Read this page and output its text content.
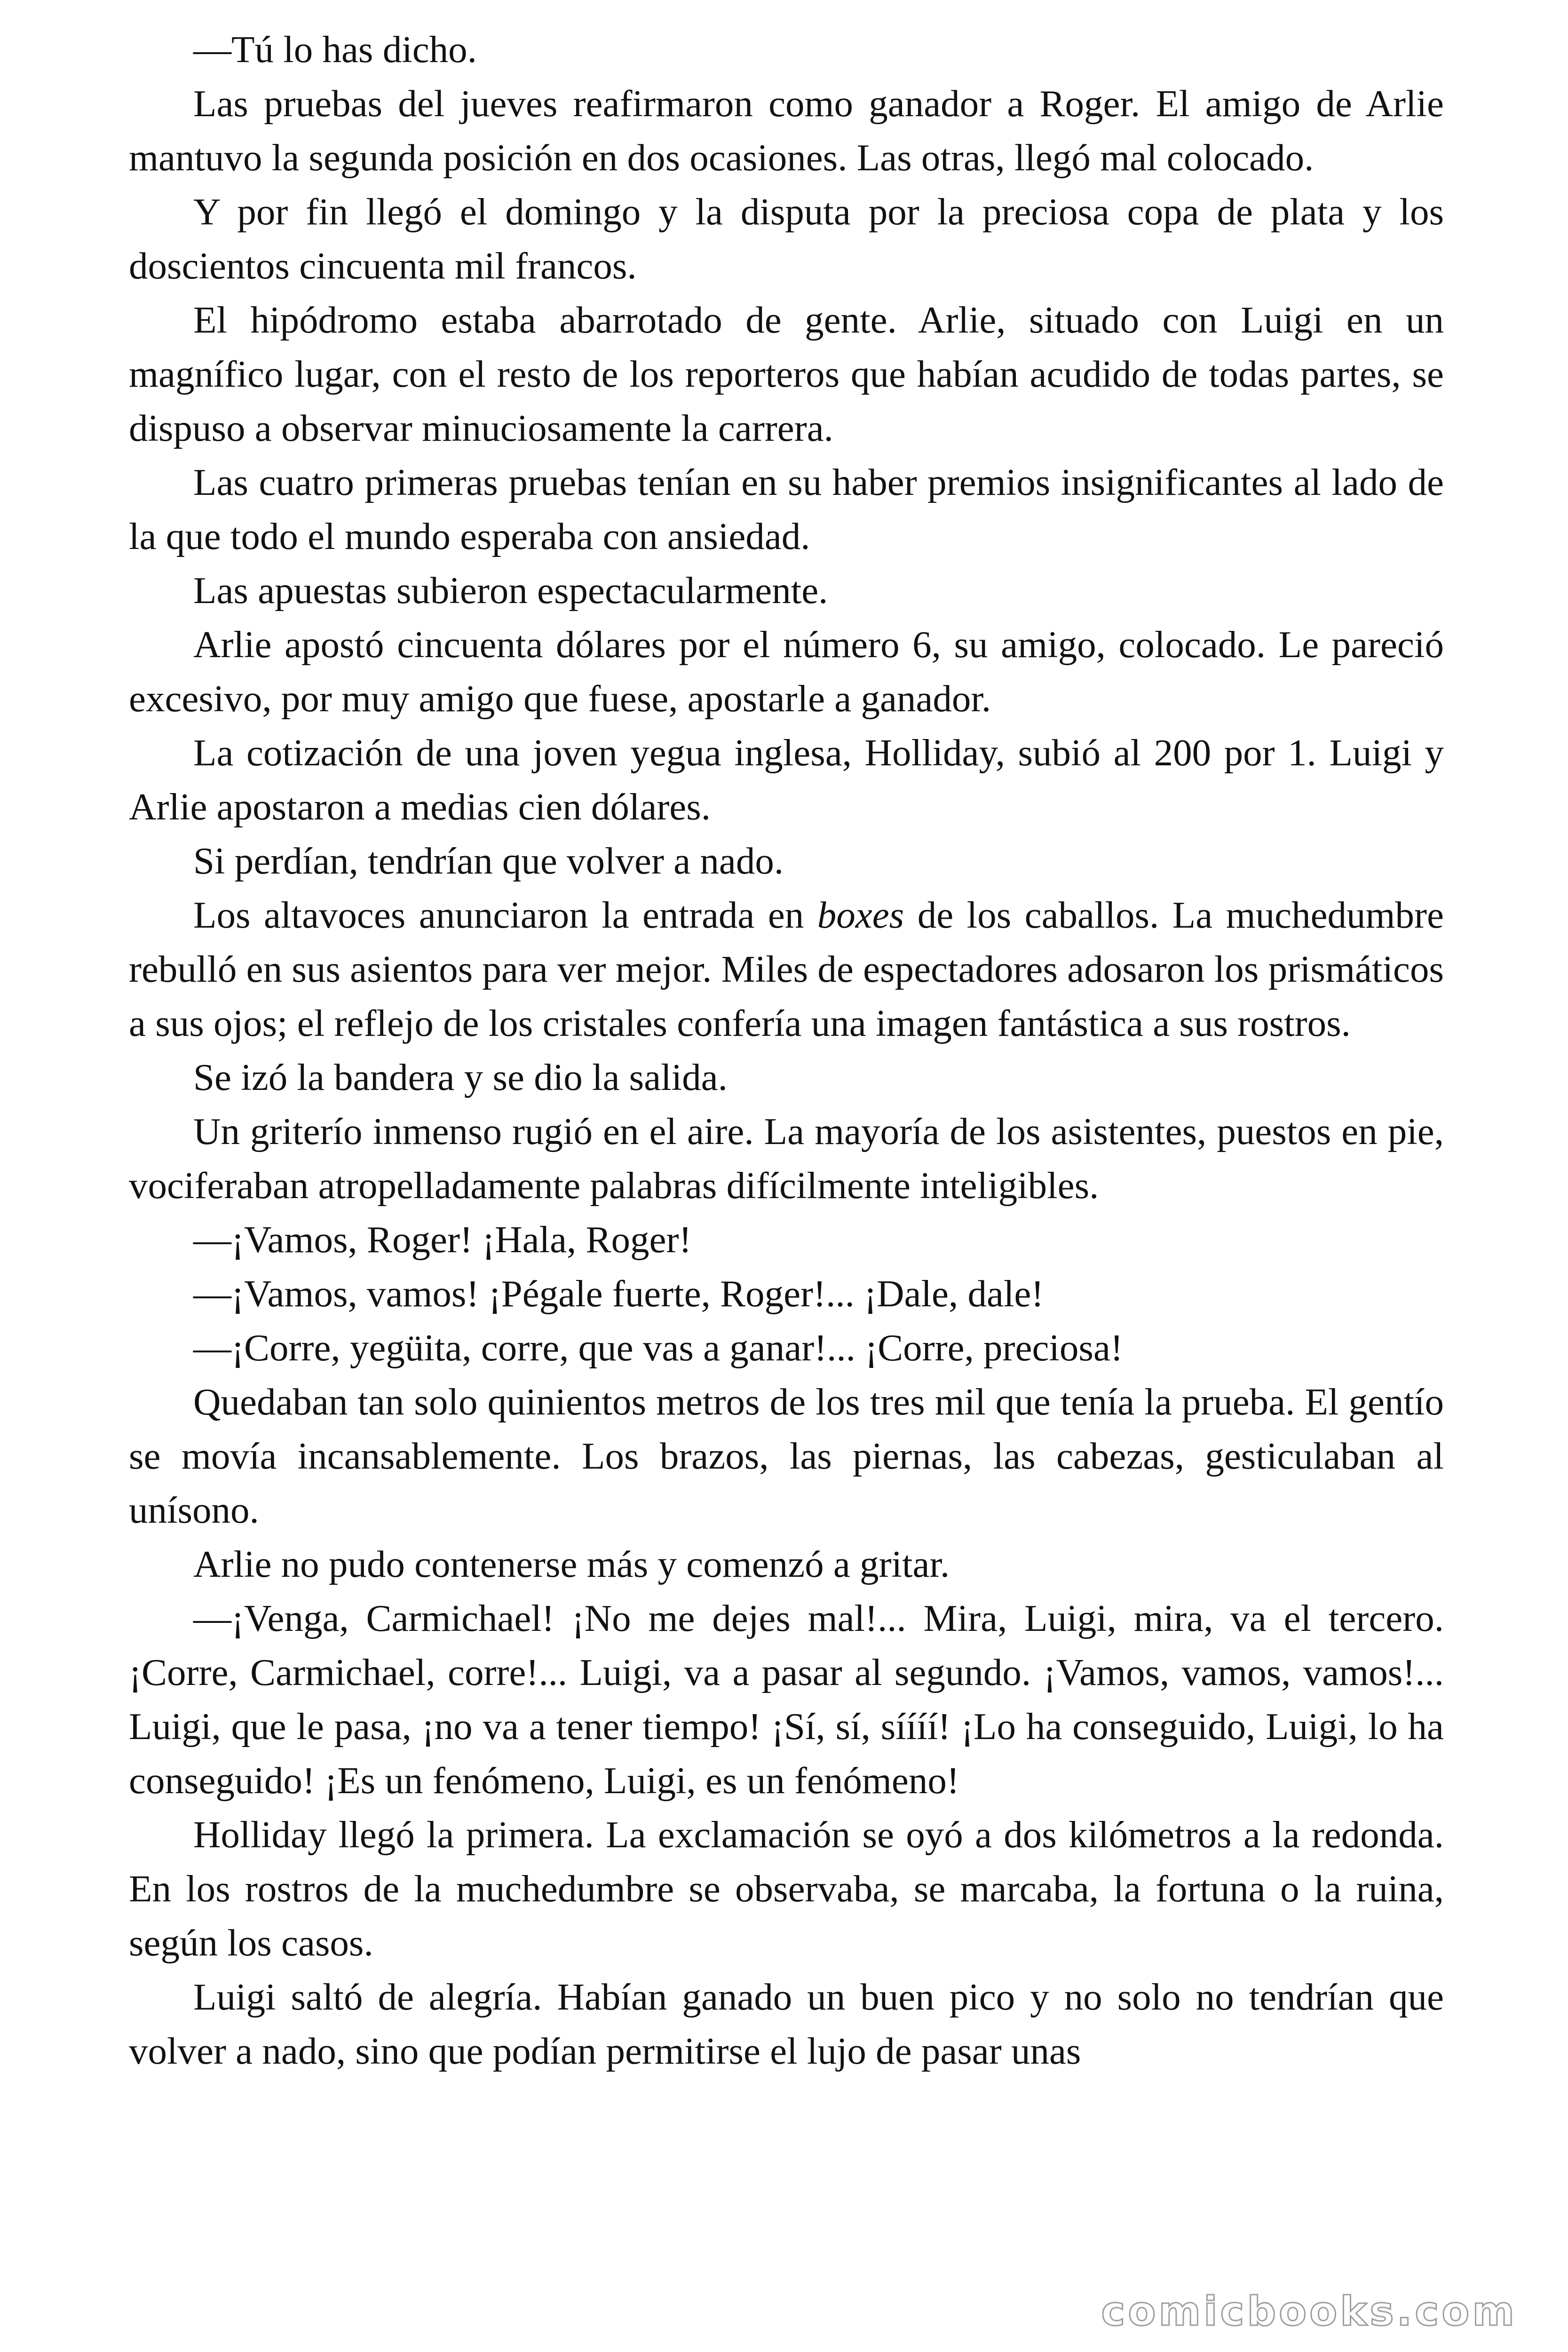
—Tú lo has dicho.

Las pruebas del jueves reafirmaron como ganador a Roger. El amigo de Arlie mantuvo la segunda posición en dos ocasiones. Las otras, llegó mal colocado.

Y por fin llegó el domingo y la disputa por la preciosa copa de plata y los doscientos cincuenta mil francos.

El hipódromo estaba abarrotado de gente. Arlie, situado con Luigi en un magnífico lugar, con el resto de los reporteros que habían acudido de todas partes, se dispuso a observar minuciosamente la carrera.

Las cuatro primeras pruebas tenían en su haber premios insignificantes al lado de la que todo el mundo esperaba con ansiedad.

Las apuestas subieron espectacularmente.

Arlie apostó cincuenta dólares por el número 6, su amigo, colocado. Le pareció excesivo, por muy amigo que fuese, apostarle a ganador.

La cotización de una joven yegua inglesa, Holliday, subió al 200 por 1. Luigi y Arlie apostaron a medias cien dólares.

Si perdían, tendrían que volver a nado.

Los altavoces anunciaron la entrada en boxes de los caballos. La muchedumbre rebulló en sus asientos para ver mejor. Miles de espectadores adosaron los prismáticos a sus ojos; el reflejo de los cristales confería una imagen fantástica a sus rostros.

Se izó la bandera y se dio la salida.

Un griterío inmenso rugió en el aire. La mayoría de los asistentes, puestos en pie, vociferaban atropelladamente palabras difícilmente inteligibles.

—¡Vamos, Roger! ¡Hala, Roger!

—¡Vamos, vamos! ¡Pégale fuerte, Roger!... ¡Dale, dale!

—¡Corre, yegüita, corre, que vas a ganar!... ¡Corre, preciosa!

Quedaban tan solo quinientos metros de los tres mil que tenía la prueba. El gentío se movía incansablemente. Los brazos, las piernas, las cabezas, gesticulaban al unísono.

Arlie no pudo contenerse más y comenzó a gritar.

—¡Venga, Carmichael! ¡No me dejes mal!... Mira, Luigi, mira, va el tercero. ¡Corre, Carmichael, corre!... Luigi, va a pasar al segundo. ¡Vamos, vamos, vamos!... Luigi, que le pasa, ¡no va a tener tiempo! ¡Sí, sí, síííí! ¡Lo ha conseguido, Luigi, lo ha conseguido! ¡Es un fenómeno, Luigi, es un fenómeno!

Holliday llegó la primera. La exclamación se oyó a dos kilómetros a la redonda. En los rostros de la muchedumbre se observaba, se marcaba, la fortuna o la ruina, según los casos.

Luigi saltó de alegría. Habían ganado un buen pico y no solo no tendrían que volver a nado, sino que podían permitirse el lujo de pasar unas

comicbooks.com
